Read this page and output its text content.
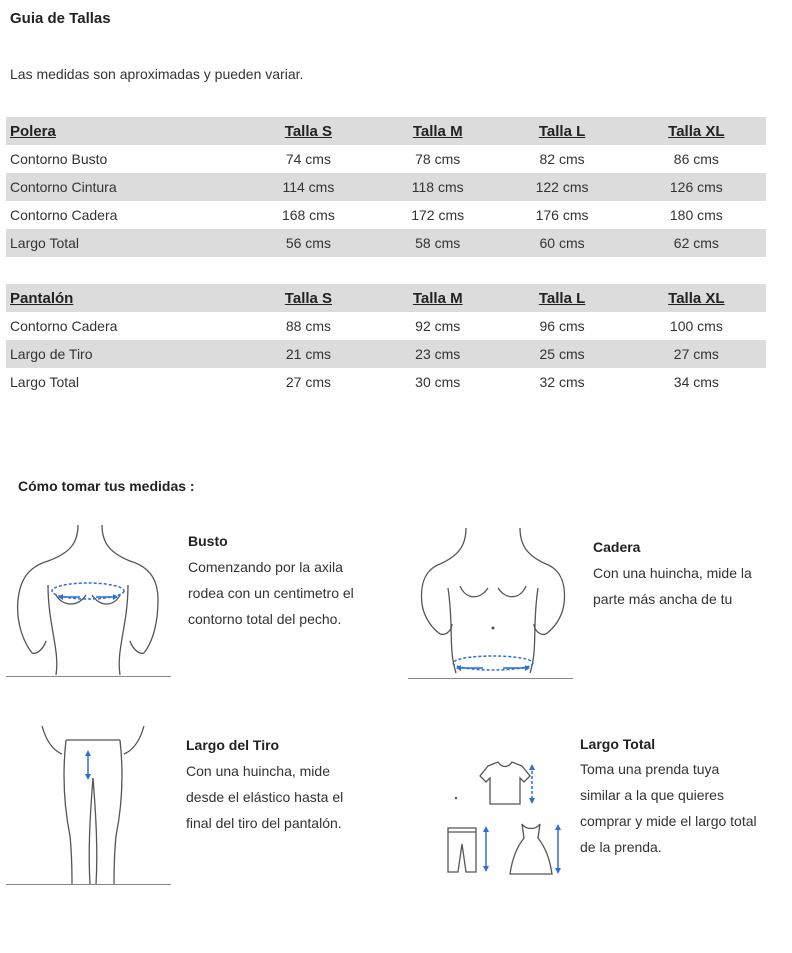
Guia de Tallas
Las medidas son aproximadas y pueden variar.
Polera	Talla S	Talla M	Talla L	Talla XL
Contorno Busto	74 cms	78 cms	82 cms	86 cms
Contorno Cintura	114 cms	118 cms	122 cms	126 cms
Contorno Cadera	168 cms	172 cms	176 cms	180 cms
Largo Total	56 cms	58 cms	60 cms	62 cms
Pantalón	Talla S	Talla M	Talla L	Talla XL
Contorno Cadera	88 cms	92 cms	96 cms	100 cms
Largo de Tiro	21 cms	23 cms	25 cms	27 cms
Largo Total	27 cms	30 cms	32 cms	34 cms
Cómo tomar tus medidas :
Busto
Comenzando por la axila
rodea con un centimetro el
contorno total del pecho.
Cadera
Con una huincha, mide la
parte más ancha de tu
Largo del Tiro
Con una huincha, mide
desde el elástico hasta el
final del tiro del pantalón.
Largo Total
Toma una prenda tuya
similar a la que quieres
comprar y mide el largo total
de la prenda.
